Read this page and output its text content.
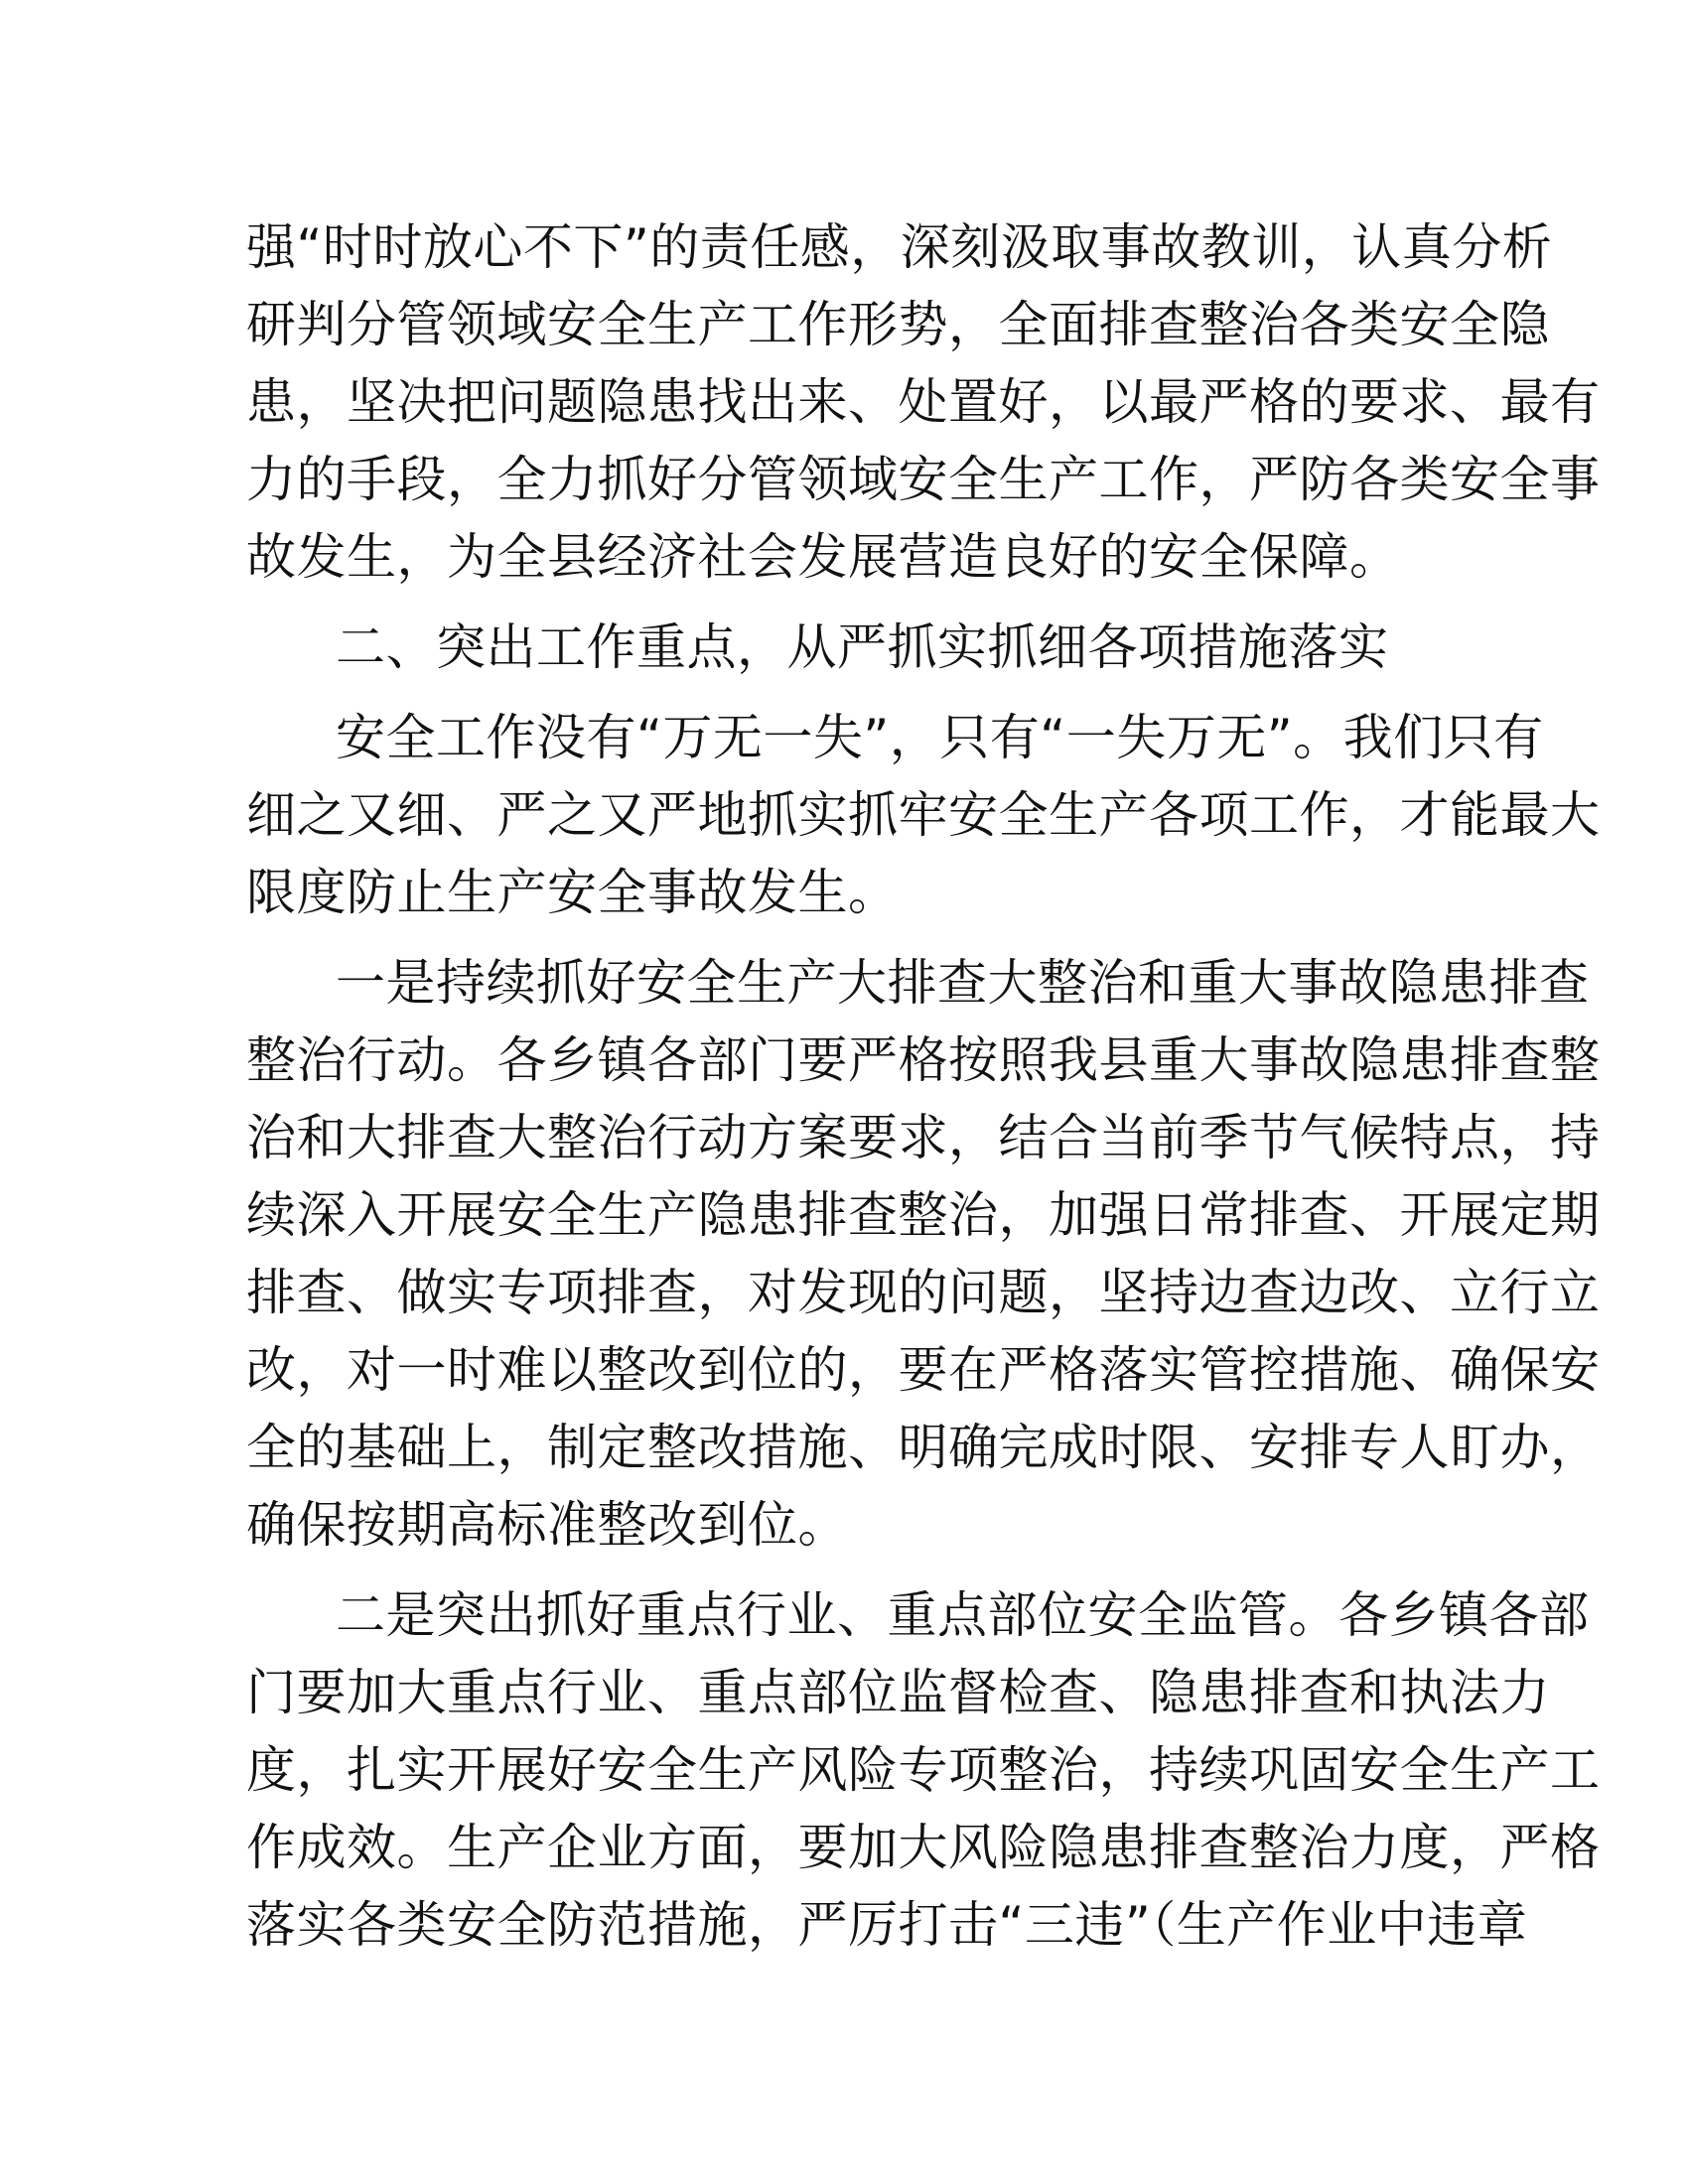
强“时时放心不下”的责任感，深刻汲取事故教训，认真分析
研判分管领域安全生产工作形势，全面排查整治各类安全隐
患，坚决把问题隐患找出来、处置好，以最严格的要求、最有
力的手段，全力抓好分管领域安全生产工作，严防各类安全事
故发生，为全县经济社会发展营造良好的安全保障。
二、突出工作重点，从严抓实抓细各项措施落实
安全工作没有“万无一失”，只有“一失万无”。我们只有
细之又细、严之又严地抓实抓牢安全生产各项工作，才能最大
限度防止生产安全事故发生。
一是持续抓好安全生产大排查大整治和重大事故隐患排查
整治行动。各乡镇各部门要严格按照我县重大事故隐患排查整
治和大排查大整治行动方案要求，结合当前季节气候特点，持
续深入开展安全生产隐患排查整治，加强日常排查、开展定期
排查、做实专项排查，对发现的问题，坚持边查边改、立行立
改，对一时难以整改到位的，要在严格落实管控措施、确保安
全的基础上，制定整改措施、明确完成时限、安排专人盯办，
确保按期高标准整改到位。
二是突出抓好重点行业、重点部位安全监管。各乡镇各部
门要加大重点行业、重点部位监督检查、隐患排查和执法力
度，扎实开展好安全生产风险专项整治，持续巩固安全生产工
作成效。生产企业方面，要加大风险隐患排查整治力度，严格
落实各类安全防范措施，严厉打击“三违”（生产作业中违章
